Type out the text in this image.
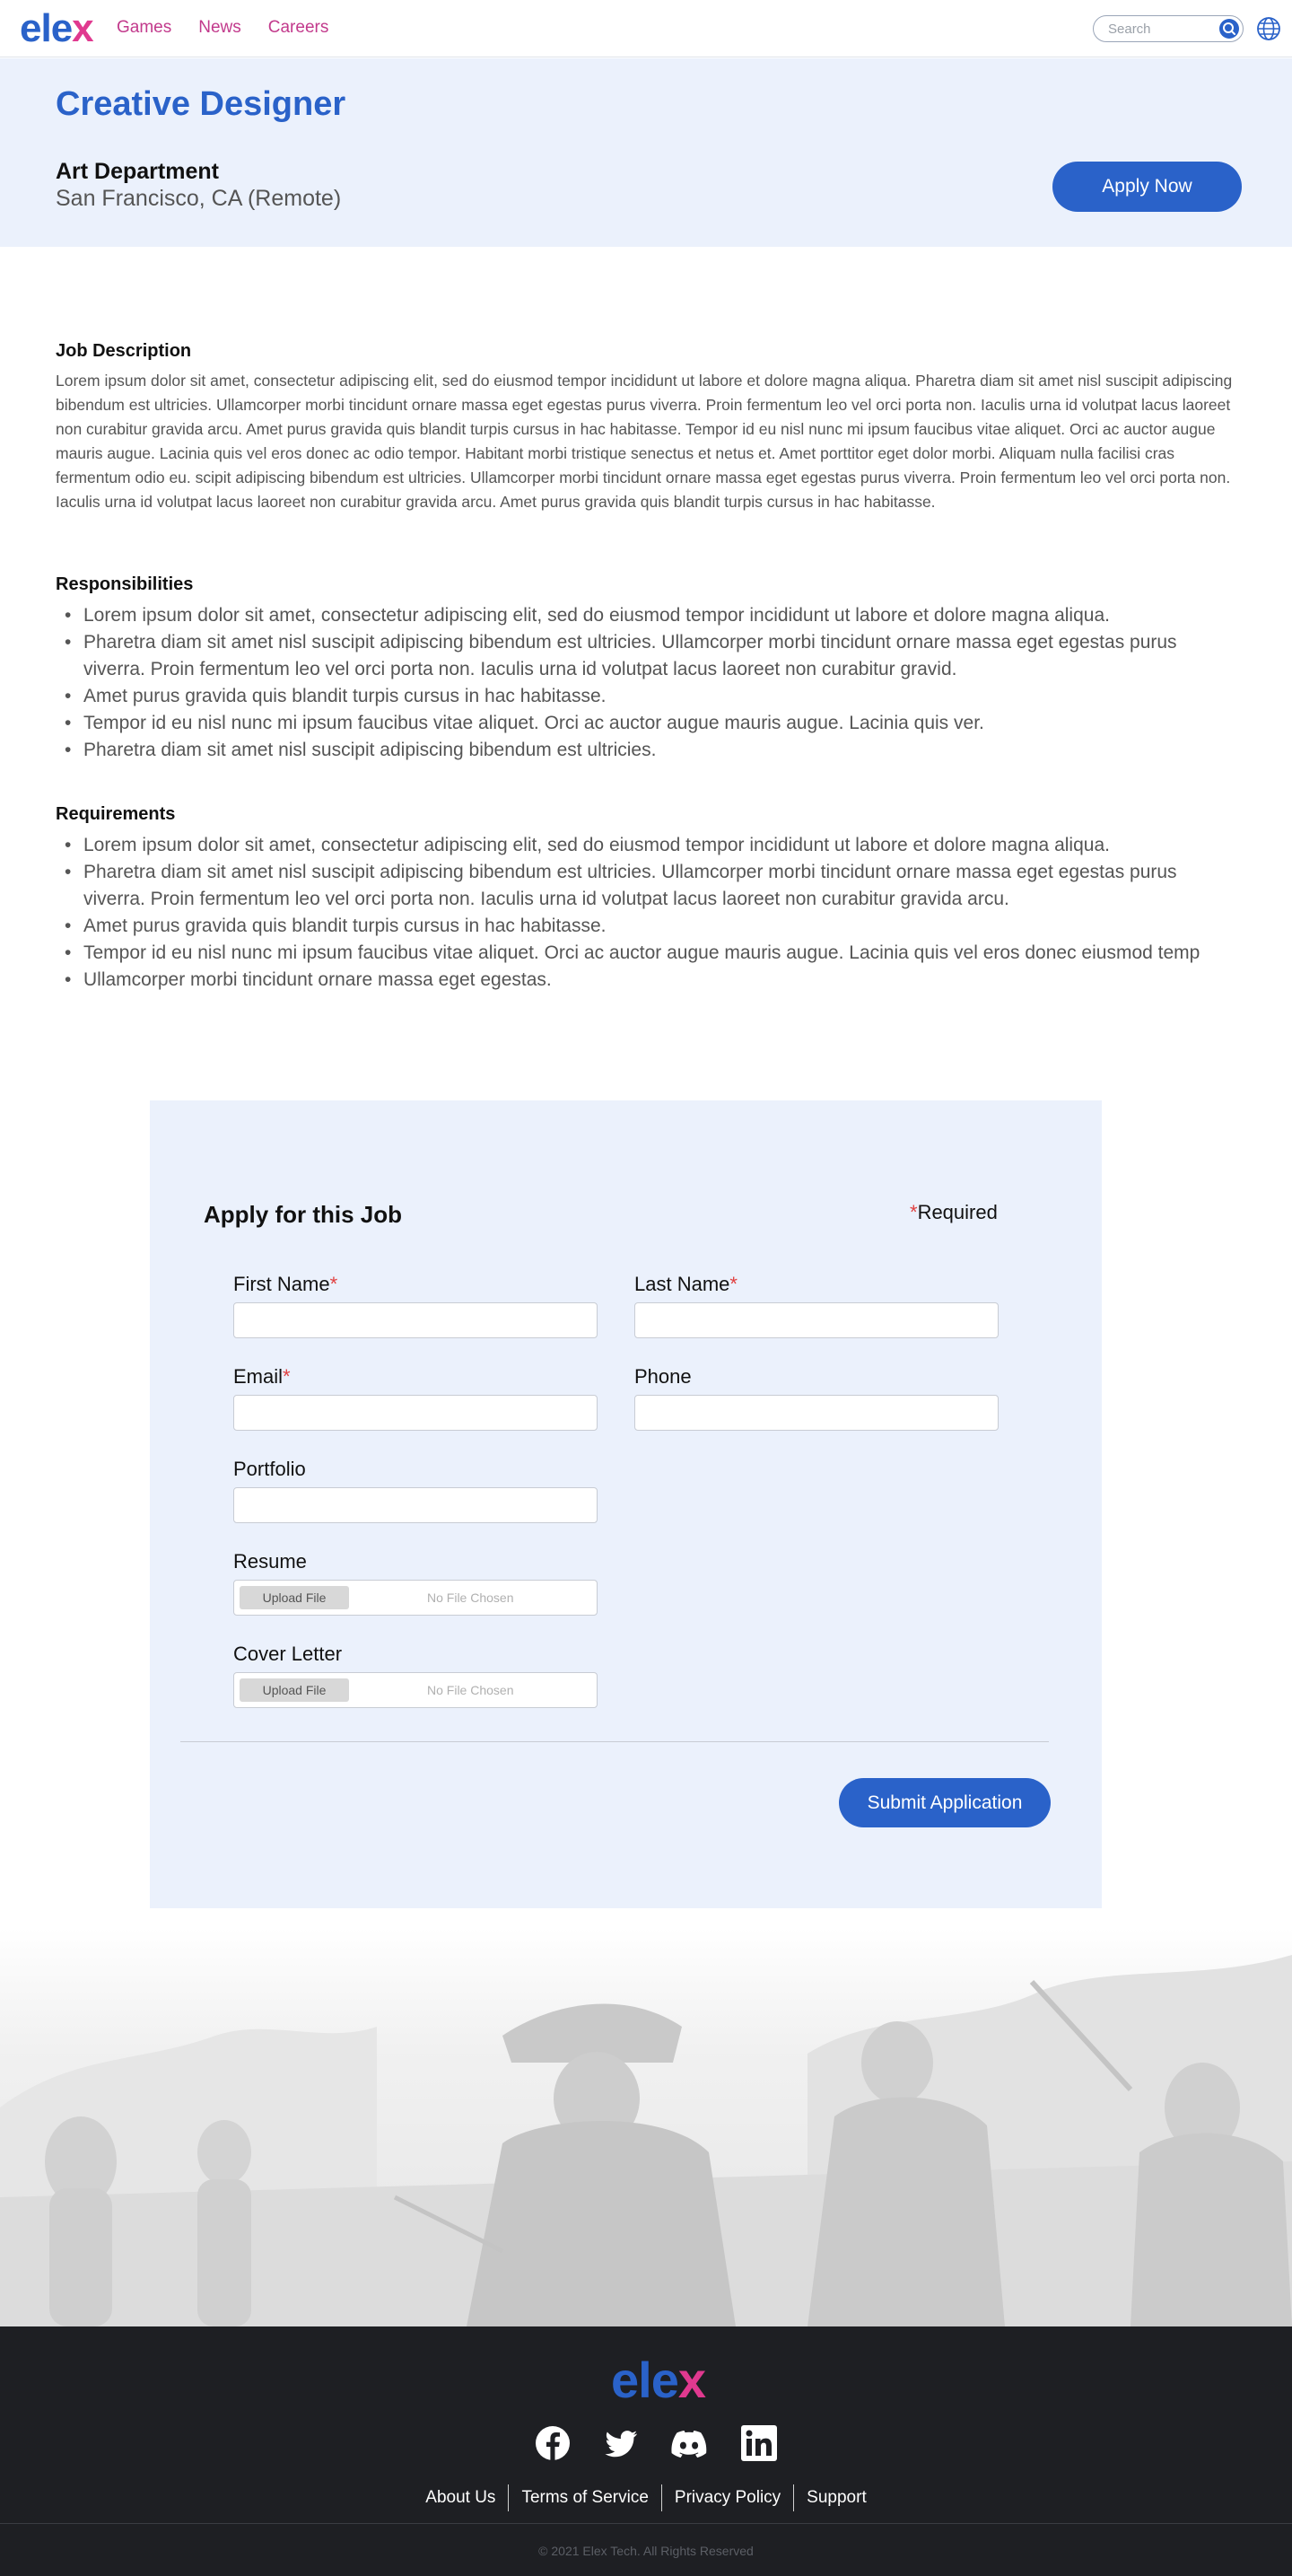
elex Games News Careers
Search
Creative Designer
Art Department
San Francisco, CA (Remote)	Apply Now
Job Description

Lorem ipsum dolor sit amet, consectetur adipiscing elit, sed do eiusmod tempor incididunt ut labore et dolore magna aliqua. Pharetra diam sit amet nisl suscipit adipiscing bibendum est ultricies. Ullamcorper morbi tincidunt ornare massa eget egestas purus viverra. Proin fermentum leo vel orci porta non. Iaculis urna id volutpat lacus laoreet non curabitur gravida arcu. Amet purus gravida quis blandit turpis cursus in hac habitasse. Tempor id eu nisl nunc mi ipsum faucibus vitae aliquet. Orci ac auctor augue mauris augue. Lacinia quis vel eros donec ac odio tempor. Habitant morbi tristique senectus et netus et. Amet porttitor eget dolor morbi. Aliquam nulla facilisi cras fermentum odio eu. scipit adipiscing bibendum est ultricies. Ullamcorper morbi tincidunt ornare massa eget egestas purus viverra. Proin fermentum leo vel orci porta non. Iaculis urna id volutpat lacus laoreet non curabitur gravida arcu. Amet purus gravida quis blandit turpis cursus in hac habitasse.

Responsibilities
• Lorem ipsum dolor sit amet, consectetur adipiscing elit, sed do eiusmod tempor incididunt ut labore et dolore magna aliqua.
• Pharetra diam sit amet nisl suscipit adipiscing bibendum est ultricies. Ullamcorper morbi tincidunt ornare massa eget egestas purus viverra. Proin fermentum leo vel orci porta non. Iaculis urna id volutpat lacus laoreet non curabitur gravid.
• Amet purus gravida quis blandit turpis cursus in hac habitasse.
• Tempor id eu nisl nunc mi ipsum faucibus vitae aliquet. Orci ac auctor augue mauris augue. Lacinia quis ver.
• Pharetra diam sit amet nisl suscipit adipiscing bibendum est ultricies.
Requirements
• Lorem ipsum dolor sit amet, consectetur adipiscing elit, sed do eiusmod tempor incididunt ut labore et dolore magna aliqua.
• Pharetra diam sit amet nisl suscipit adipiscing bibendum est ultricies. Ullamcorper morbi tincidunt ornare massa eget egestas purus viverra. Proin fermentum leo vel orci porta non. Iaculis urna id volutpat lacus laoreet non curabitur gravida arcu.
• Amet purus gravida quis blandit turpis cursus in hac habitasse.
• Tempor id eu nisl nunc mi ipsum faucibus vitae aliquet. Orci ac auctor augue mauris augue. Lacinia quis vel eros donec eiusmod temp
• Ullamcorper morbi tincidunt ornare massa eget egestas.
Apply for this Job	*Required
First Name*	Last Name*
Email*	Phone
Portfolio
Resume
Upload File	No File Chosen
Cover Letter
Upload File	No File Chosen
Submit Application
elex
About Us	Terms of Service	Privacy Policy	Support
© 2021 Elex Tech. All Rights Reserved
